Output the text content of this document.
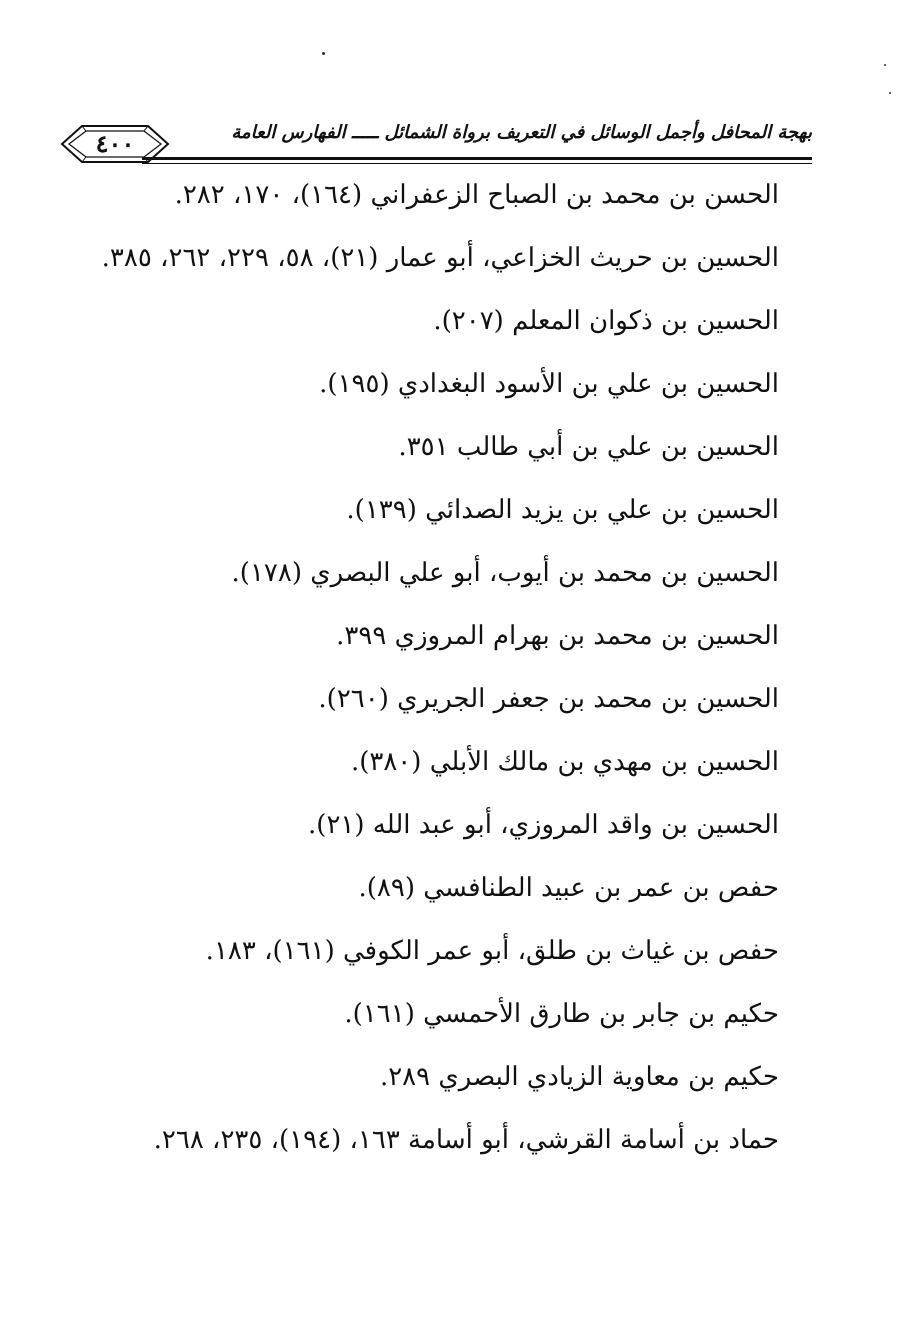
بهجة المحافل وأجمل الوسائل في التعريف برواة الشمائل ـــــ الفهارس العامة
٤٠٠

الحسن بن محمد بن الصباح الزعفراني (١٦٤)، ١٧٠، ٢٨٢.

الحسين بن حريث الخزاعي، أبو عمار (٢١)، ٥٨، ٢٢٩، ٢٦٢، ٣٨٥.

الحسين بن ذكوان المعلم (٢٠٧).

الحسين بن علي بن الأسود البغدادي (١٩٥).

الحسين بن علي بن أبي طالب ٣٥١.

الحسين بن علي بن يزيد الصدائي (١٣٩).

الحسين بن محمد بن أيوب، أبو علي البصري (١٧٨).

الحسين بن محمد بن بهرام المروزي ٣٩٩.

الحسين بن محمد بن جعفر الجريري (٢٦٠).

الحسين بن مهدي بن مالك الأبلي (٣٨٠).

الحسين بن واقد المروزي، أبو عبد الله (٢١).

حفص بن عمر بن عبيد الطنافسي (٨٩).

حفص بن غياث بن طلق، أبو عمر الكوفي (١٦١)، ١٨٣.

حكيم بن جابر بن طارق الأحمسي (١٦١).

حكيم بن معاوية الزيادي البصري ٢٨٩.

حماد بن أسامة القرشي، أبو أسامة ١٦٣، (١٩٤)، ٢٣٥، ٢٦٨.
